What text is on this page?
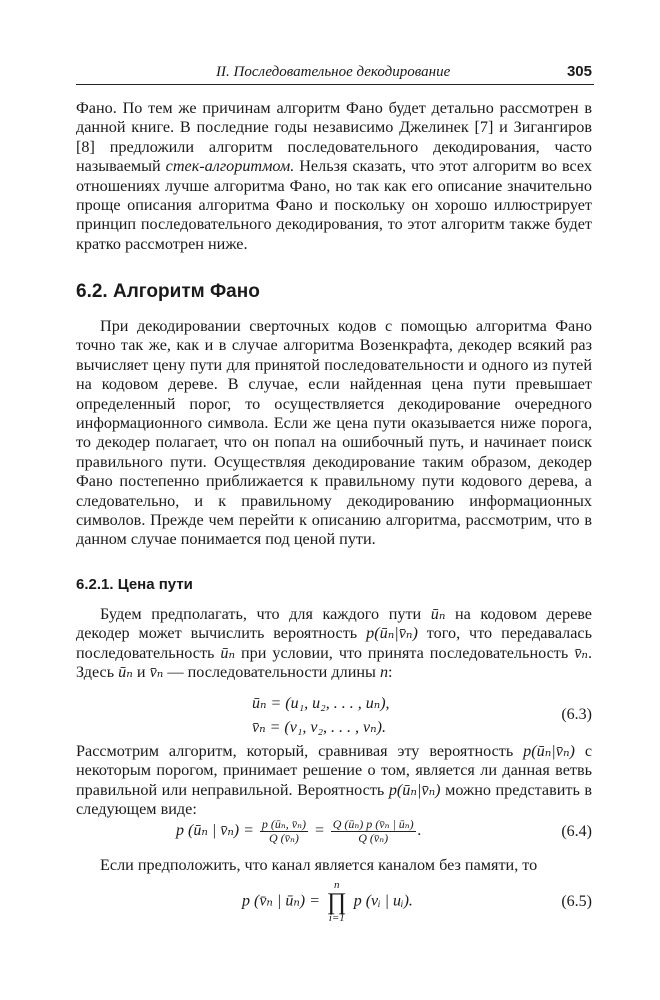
II. Последовательное декодирование	305

Фано. По тем же причинам алгоритм Фано будет детально рассмотрен в данной книге. В последние годы независимо Джелинек [7] и Зигангиров [8] предложили алгоритм последовательного декодирования, часто называемый стек-алгоритмом. Нельзя сказать, что этот алгоритм во всех отношениях лучше алгоритма Фано, но так как его описание значительно проще описания алгоритма Фано и поскольку он хорошо иллюстрирует принцип последовательного декодирования, то этот алгоритм также будет кратко рассмотрен ниже.

6.2. Алгоритм Фано

При декодировании сверточных кодов с помощью алгоритма Фано точно так же, как и в случае алгоритма Возенкрафта, декодер всякий раз вычисляет цену пути для принятой последовательности и одного из путей на кодовом дереве. В случае, если найденная цена пути превышает определенный порог, то осуществляется декодирование очередного информационного символа. Если же цена пути оказывается ниже порога, то декодер полагает, что он попал на ошибочный путь, и начинает поиск правильного пути. Осуществляя декодирование таким образом, декодер Фано постепенно приближается к правильному пути кодового дерева, а следовательно, и к правильному декодированию информационных символов. Прежде чем перейти к описанию алгоритма, рассмотрим, что в данном случае понимается под ценой пути.

6.2.1. Цена пути

Будем предполагать, что для каждого пути ūₙ на кодовом дереве декодер может вычислить вероятность p(ūₙ|v̄ₙ) того, что передавалась последовательность ūₙ при условии, что принята последовательность v̄ₙ. Здесь ūₙ и v̄ₙ — последовательности длины n:

ūₙ = (u₁, u₂, . . . , uₙ),
v̄ₙ = (v₁, v₂, . . . , vₙ).
(6.3)

Рассмотрим алгоритм, который, сравнивая эту вероятность p(ūₙ|v̄ₙ) с некоторым порогом, принимает решение о том, является ли данная ветвь правильной или неправильной. Вероятность p(ūₙ|v̄ₙ) можно представить в следующем виде:

p (ūₙ | v̄ₙ) = $\frac{\text{p (ūₙ, v̄ₙ)}}{\text{Q (v̄ₙ)}} = \frac{\text{Q (ūₙ) p (v̄ₙ | ūₙ)}}{\text{Q (v̄ₙ)}}$ .	(6.4)

Если предположить, что канал является каналом без памяти, то

p (v̄ₙ | ūₙ) = n
∏
i=1 p (vᵢ | uᵢ).	(6.5)
